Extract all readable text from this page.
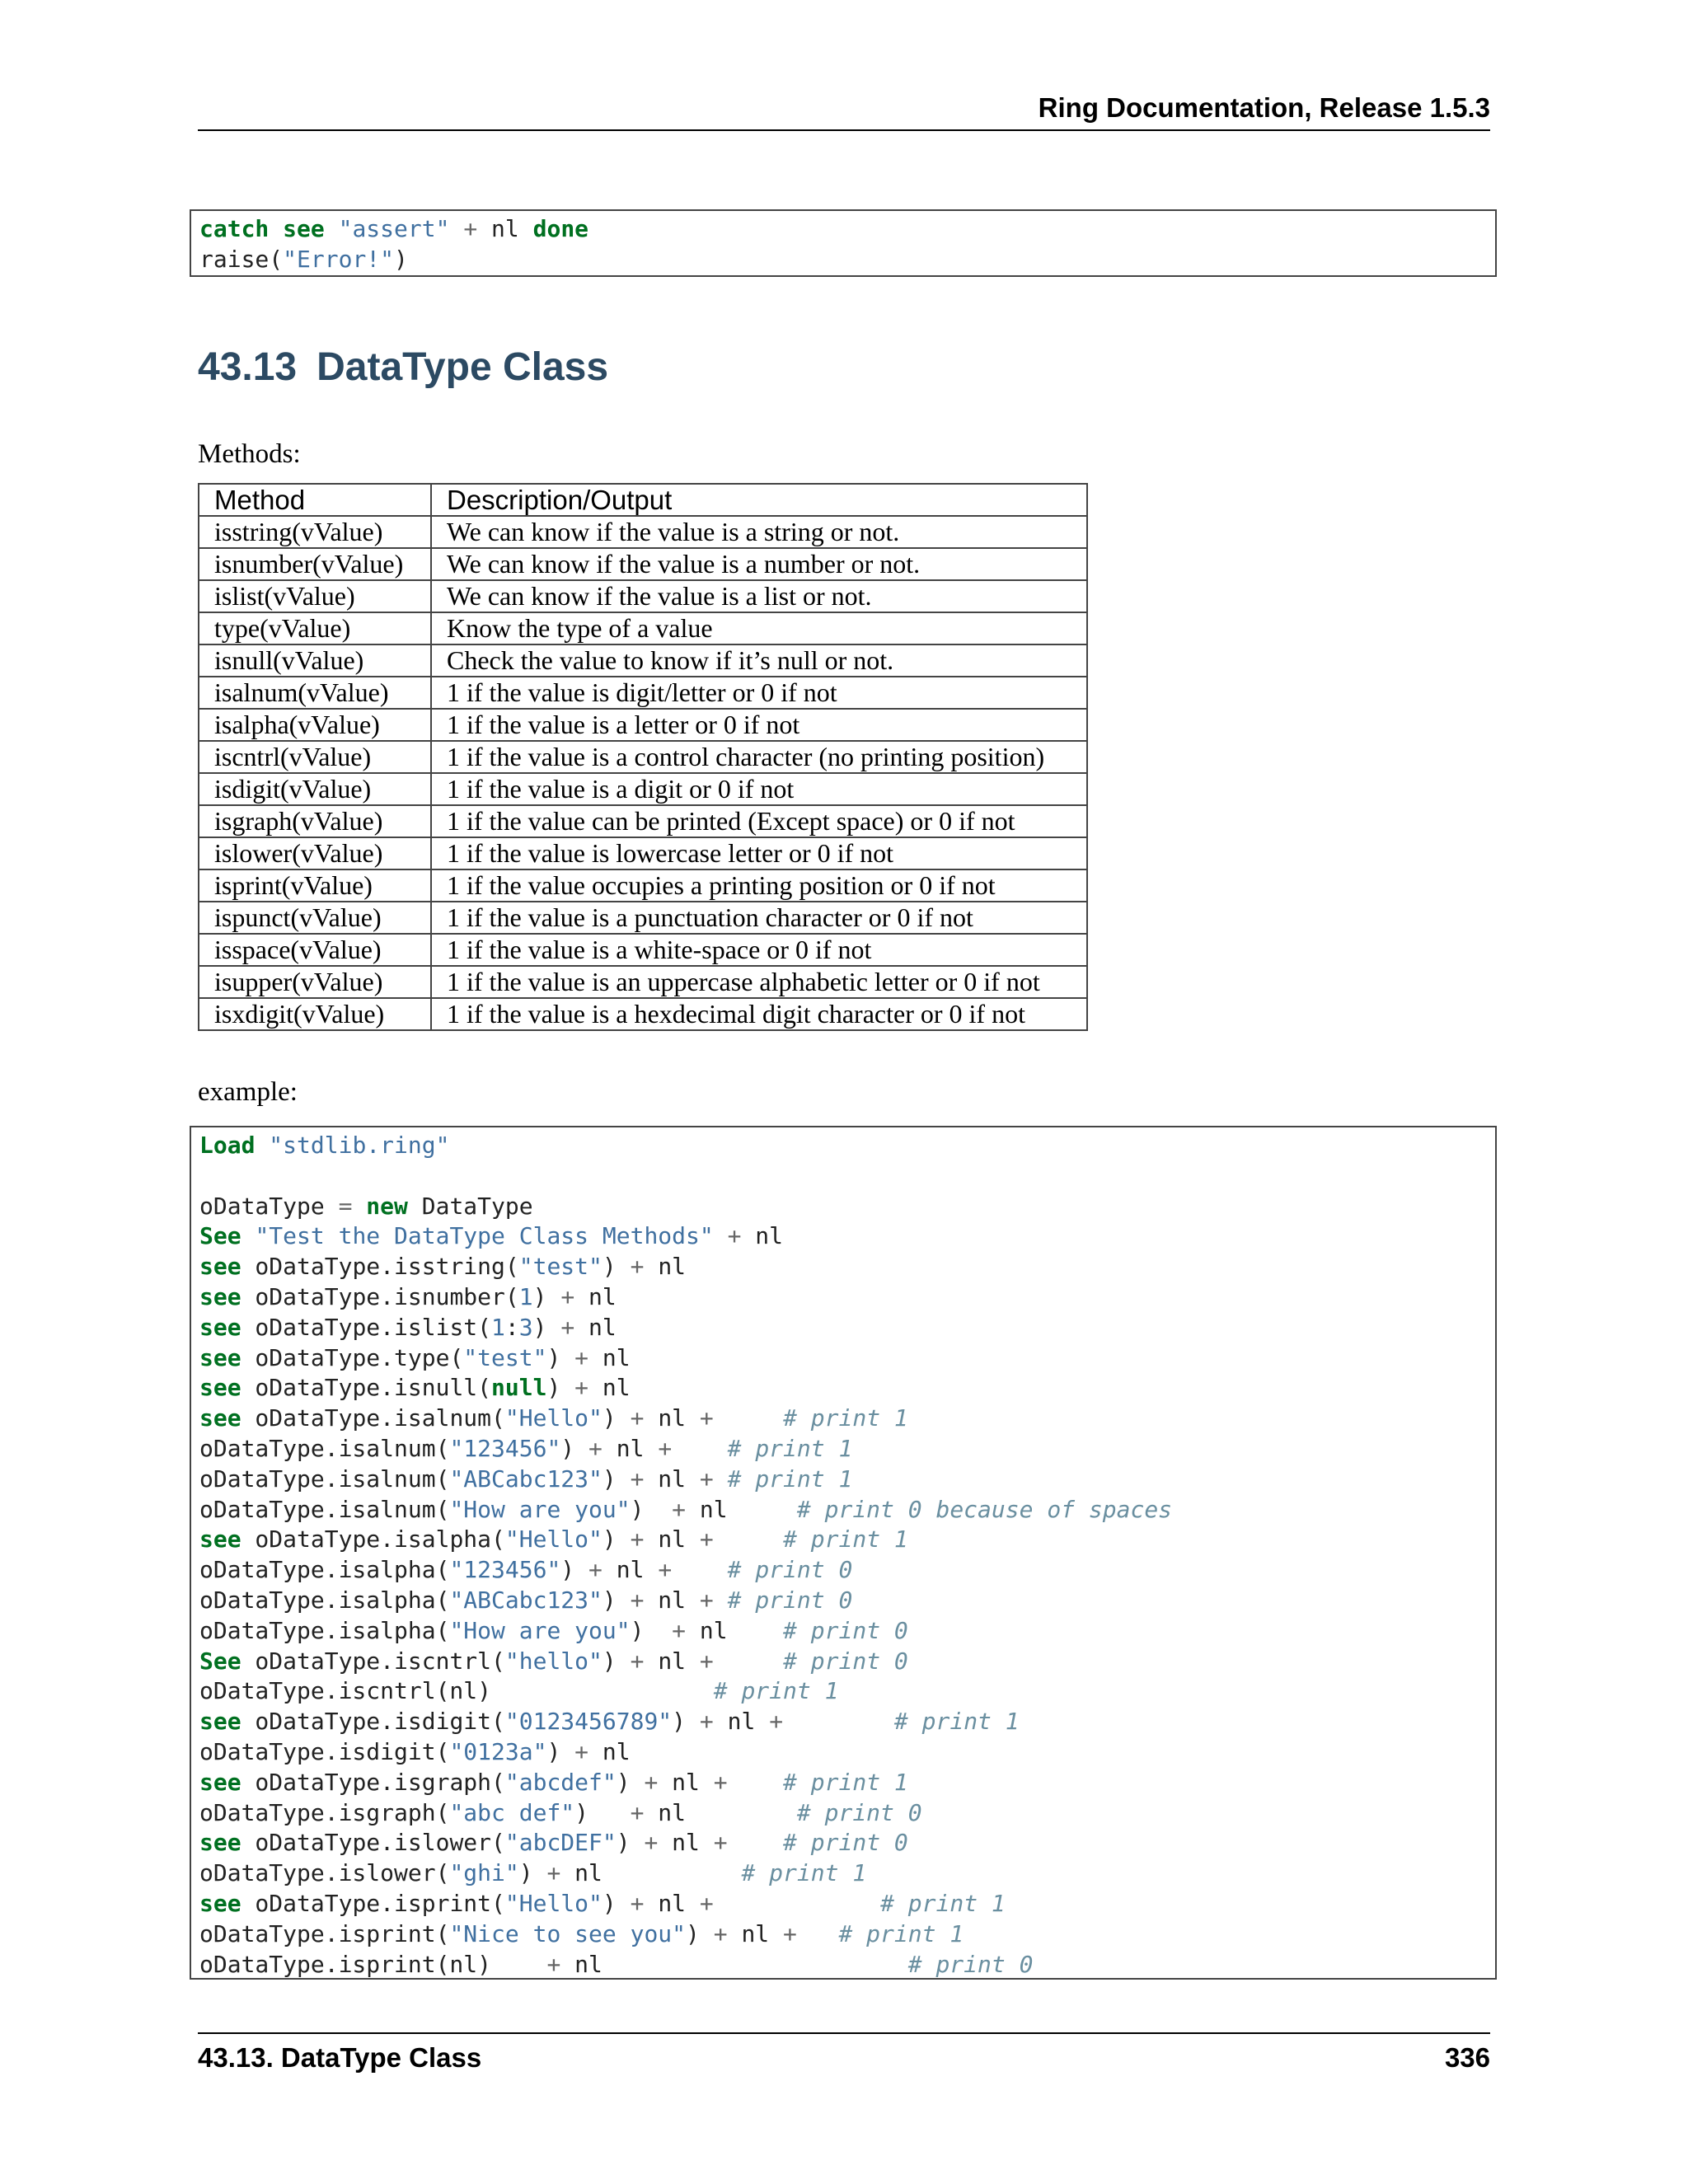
Ring Documentation, Release 1.5.3
catch see "assert" + nl done
raise("Error!")
43.13 DataType Class
Methods:
Method	Description/Output
isstring(vValue)	We can know if the value is a string or not.
isnumber(vValue)	We can know if the value is a number or not.
islist(vValue)	We can know if the value is a list or not.
type(vValue)	Know the type of a value
isnull(vValue)	Check the value to know if it’s null or not.
isalnum(vValue)	1 if the value is digit/letter or 0 if not
isalpha(vValue)	1 if the value is a letter or 0 if not
iscntrl(vValue)	1 if the value is a control character (no printing position)
isdigit(vValue)	1 if the value is a digit or 0 if not
isgraph(vValue)	1 if the value can be printed (Except space) or 0 if not
islower(vValue)	1 if the value is lowercase letter or 0 if not
isprint(vValue)	1 if the value occupies a printing position or 0 if not
ispunct(vValue)	1 if the value is a punctuation character or 0 if not
isspace(vValue)	1 if the value is a white-space or 0 if not
isupper(vValue)	1 if the value is an uppercase alphabetic letter or 0 if not
isxdigit(vValue)	1 if the value is a hexdecimal digit character or 0 if not
example:
Load "stdlib.ring"
oDataType = new DataType
See "Test the DataType Class Methods" + nl
see oDataType.isstring("test") + nl
see oDataType.isnumber(1) + nl
see oDataType.islist(1:3) + nl
see oDataType.type("test") + nl
see oDataType.isnull(null) + nl
see oDataType.isalnum("Hello") + nl +	# print 1
oDataType.isalnum("123456") + nl + # print 1
oDataType.isalnum("ABCabc123") + nl + # print 1
oDataType.isalnum("How are you")  + nl     # print 0 because of spaces
see oDataType.isalpha("Hello") + nl +	# print 1
oDataType.isalpha("123456") + nl + # print 0
oDataType.isalpha("ABCabc123") + nl + # print 0
oDataType.isalpha("How are you")  + nl    # print 0
See oDataType.iscntrl("hello") + nl +	# print 0
oDataType.iscntrl(nl)                # print 1
see oDataType.isdigit("0123456789") + nl +	# print 1
oDataType.isdigit("0123a") + nl
see oDataType.isgraph("abcdef") + nl + # print 1
oDataType.isgraph("abc def")   + nl        # print 0
see oDataType.islower("abcDEF") + nl + # print 0
oDataType.islower("ghi") + nl          # print 1
see oDataType.isprint("Hello") + nl +	# print 1
oDataType.isprint("Nice to see you") + nl + # print 1
oDataType.isprint(nl)    + nl                      # print 0
43.13. DataType Class	336
